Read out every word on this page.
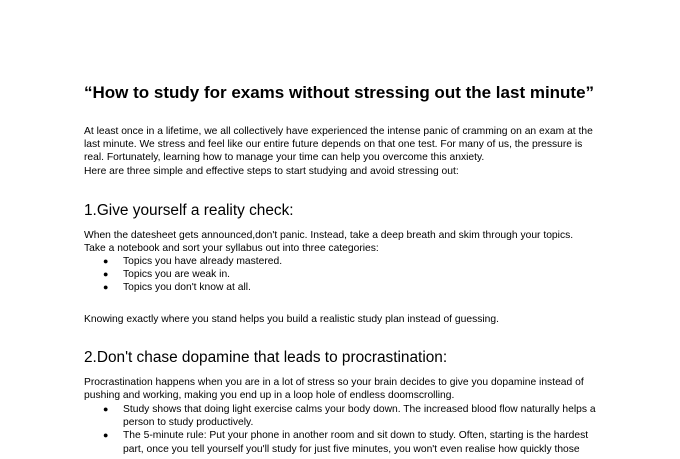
“How to study for exams without stressing out the last minute”

At least once in a lifetime, we all collectively have experienced the intense panic of cramming on an exam at the
last minute. We stress and feel like our entire future depends on that one test. For many of us, the pressure is
real. Fortunately, learning how to manage your time can help you overcome this anxiety.
Here are three simple and effective steps to start studying and avoid stressing out:

1.Give yourself a reality check:

When the datesheet gets announced,don't panic. Instead, take a deep breath and skim through your topics.
Take a notebook and sort your syllabus out into three categories:

● Topics you have already mastered.
● Topics you are weak in.
● Topics you don't know at all.

Knowing exactly where you stand helps you build a realistic study plan instead of guessing.

2.Don't chase dopamine that leads to procrastination:

Procrastination happens when you are in a lot of stress so your brain decides to give you dopamine instead of
pushing and working, making you end up in a loop hole of endless doomscrolling.

● Study shows that doing light exercise calms your body down. The increased blood flow naturally helps a
person to study productively.
● The 5-minute rule: Put your phone in another room and sit down to study. Often, starting is the hardest
part, once you tell yourself you'll study for just five minutes, you won't even realise how quickly those
